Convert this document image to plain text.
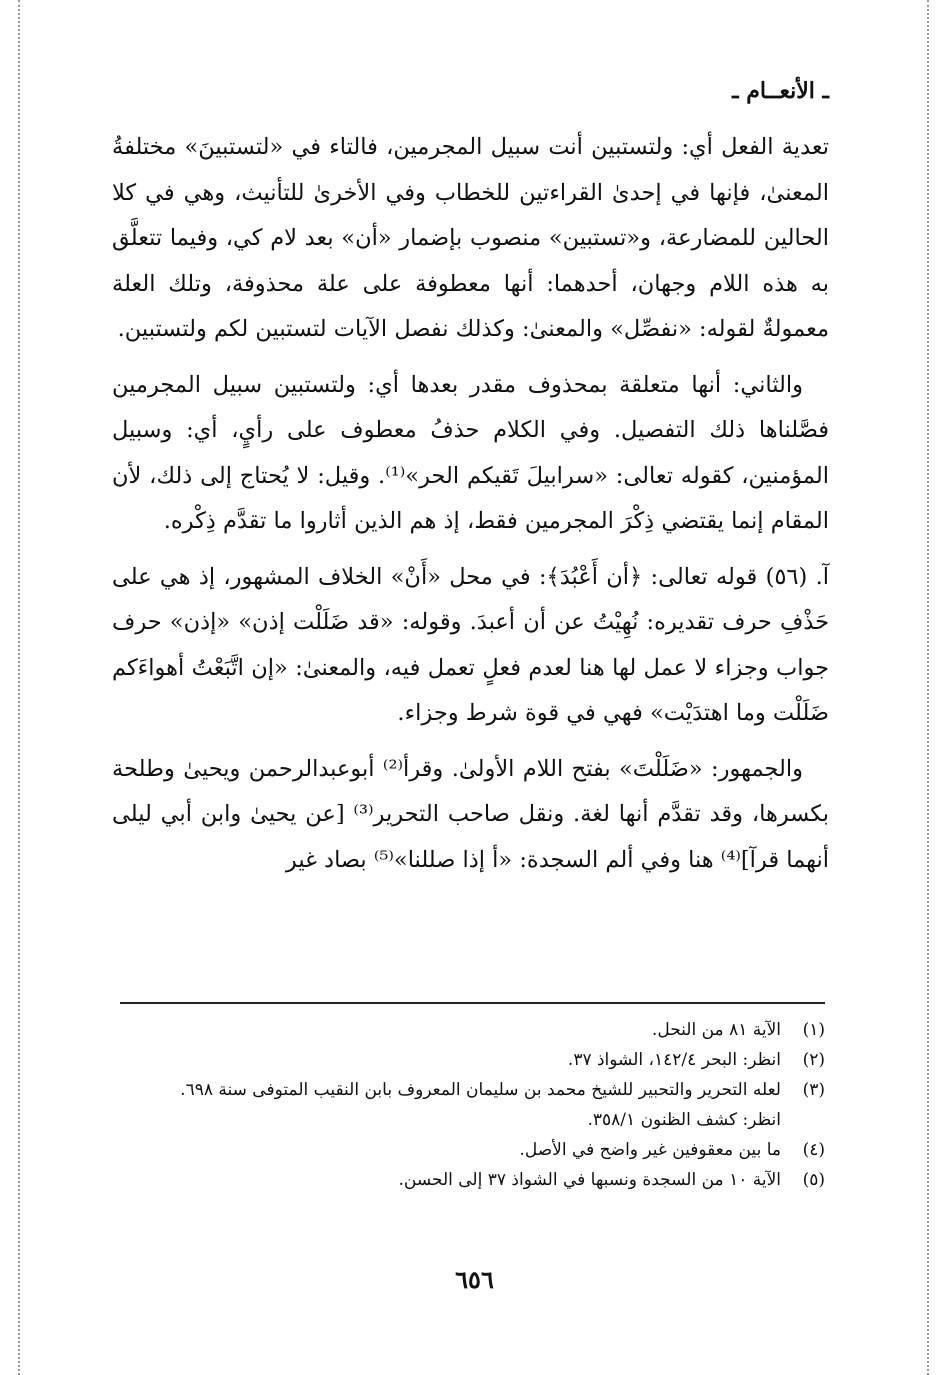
ـ الأنعــام ـ

تعدية الفعل أي: ولتستبين أنت سبيل المجرمين، فالتاء في «لتستبينَ» مختلفةُ المعنىٰ، فإنها في إحدىٰ القراءتين للخطاب وفي الأخرىٰ للتأنيث، وهي في كلا الحالين للمضارعة، و«تستبين» منصوب بإضمار «أن» بعد لام كي، وفيما تتعلَّق به هذه اللام وجهان، أحدهما: أنها معطوفة على علة محذوفة، وتلك العلة معمولةٌ لقوله: «نفصِّل» والمعنىٰ: وكذلك نفصل الآيات لتستبين لكم ولتستبين.

والثاني: أنها متعلقة بمحذوف مقدر بعدها أي: ولتستبين سبيل المجرمين فصَّلناها ذلك التفصيل. وفي الكلام حذفُ معطوف على رأيٍ، أي: وسبيل المؤمنين، كقوله تعالى: «سرابيلَ تَقيكم الحر»⁽¹⁾. وقيل: لا يُحتاج إلى ذلك، لأن المقام إنما يقتضي ذِكْرَ المجرمين فقط، إذ هم الذين أثاروا ما تقدَّم ذِكْره.

آ. (٥٦) قوله تعالى: ﴿أن أَعْبُدَ﴾: في محل «أَنْ» الخلاف المشهور، إذ هي على حَذْفِ حرف تقديره: نُهِيْتُ عن أن أعبدَ. وقوله: «قد ضَلَلْت إذن» «إذن» حرف جواب وجزاء لا عمل لها هنا لعدم فعلٍ تعمل فيه، والمعنىٰ: «إن اتَّبَعْتُ أهواءَكم ضَلَلْت وما اهتدَيْت» فهي في قوة شرط وجزاء.

والجمهور: «ضَلَلْتَ» بفتح اللام الأولىٰ. وقرأ⁽²⁾ أبوعبدالرحمن ويحيىٰ وطلحة بكسرها، وقد تقدَّم أنها لغة. ونقل صاحب التحرير⁽³⁾ [عن يحيىٰ وابن أبي ليلى أنهما قرآ]⁽⁴⁾ هنا وفي ألم السجدة: «أ إذا صللنا»⁽⁵⁾ بصاد غير

(١)الآية ٨١ من النحل.
(٢)انظر: البحر ١٤٢/٤، الشواذ ٣٧.
(٣)لعله التحرير والتحبير للشيخ محمد بن سليمان المعروف بابن النقيب المتوفى سنة ٦٩٨.
انظر: كشف الظنون ٣٥٨/١.
(٤)ما بين معقوفين غير واضح في الأصل.
(٥)الآية ١٠ من السجدة ونسبها في الشواذ ٣٧ إلى الحسن.
٦٥٦
